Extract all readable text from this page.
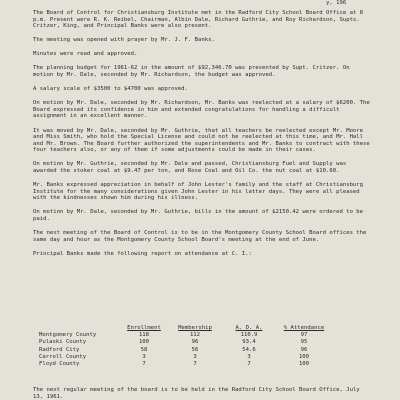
y, 196

The Board of Control for Christiansburg Institute met in the Radford City School Board Office at 8 p.m. Present were R. K. Reibel, Chairman, Albin Dale, Richard Guthrie, and Roy Richardson, Supts. Critzer, King, and Principal Banks were also present.

The meeting was opened with prayer by Mr. J. F. Banks.

Minutes were read and approved.

The planning budget for 1961-62 in the amount of $92,346.70 was presented by Supt. Critzer. On motion by Mr. Dale, seconded by Mr. Richardson, the budget was approved.

A salary scale of $3500 to $4700 was approved.

On motion by Mr. Dale, seconded by Mr. Richardson, Mr. Banks was reelected at a salary of $6200. The Board expressed its confidence in him and extended congratulations for handling a difficult assignment in an excellent manner.

It was moved by Mr. Dale, seconded by Mr. Guthrie, that all teachers be reelected except Mr. Moore and Miss Smith, who hold the Special License and could not be reelected at this time, and Mr. Hall and Mr. Brown. The Board further authorized the superintendents and Mr. Banks to contract with these four teachers also, or any of them if some adjustments could be made in their cases.

On motion by Mr. Guthrie, seconded by Mr. Dale and passed, Christiansburg Fuel and Supply was awarded the stoker coal at $9.47 per ton, and Rose Coal and Oil Co. the nut coal at $10.60.

Mr. Banks expressed appreciation in behalf of John Lester's family and the staff at Christiansburg Institute for the many considerations given John Lester in his latter days. They were all pleased with the kindnesses shown him during his illness.

On motion by Mr. Dale, seconded by Mr. Guthrie, bills in the amount of $2150.42 were ordered to be paid.

The next meeting of the Board of Control is to be in the Montgomery County School Board offices the same day and hour as the Montgomery County School Board's meeting at the end of June.

Principal Banks made the following report on attendance at C. I.:

	Enrollment	Membership	A. D. A.	% Attendance
Montgomery County	118	112	110.9	97
Pulaski County	100	96	93.4	95
Radford City	58	56	54.6	96
Carroll County	3	3	3	100
Floyd County	7	7	7	100

The next regular meeting of the board is to be held in the Radford City School Board Office, July 13, 1961.
